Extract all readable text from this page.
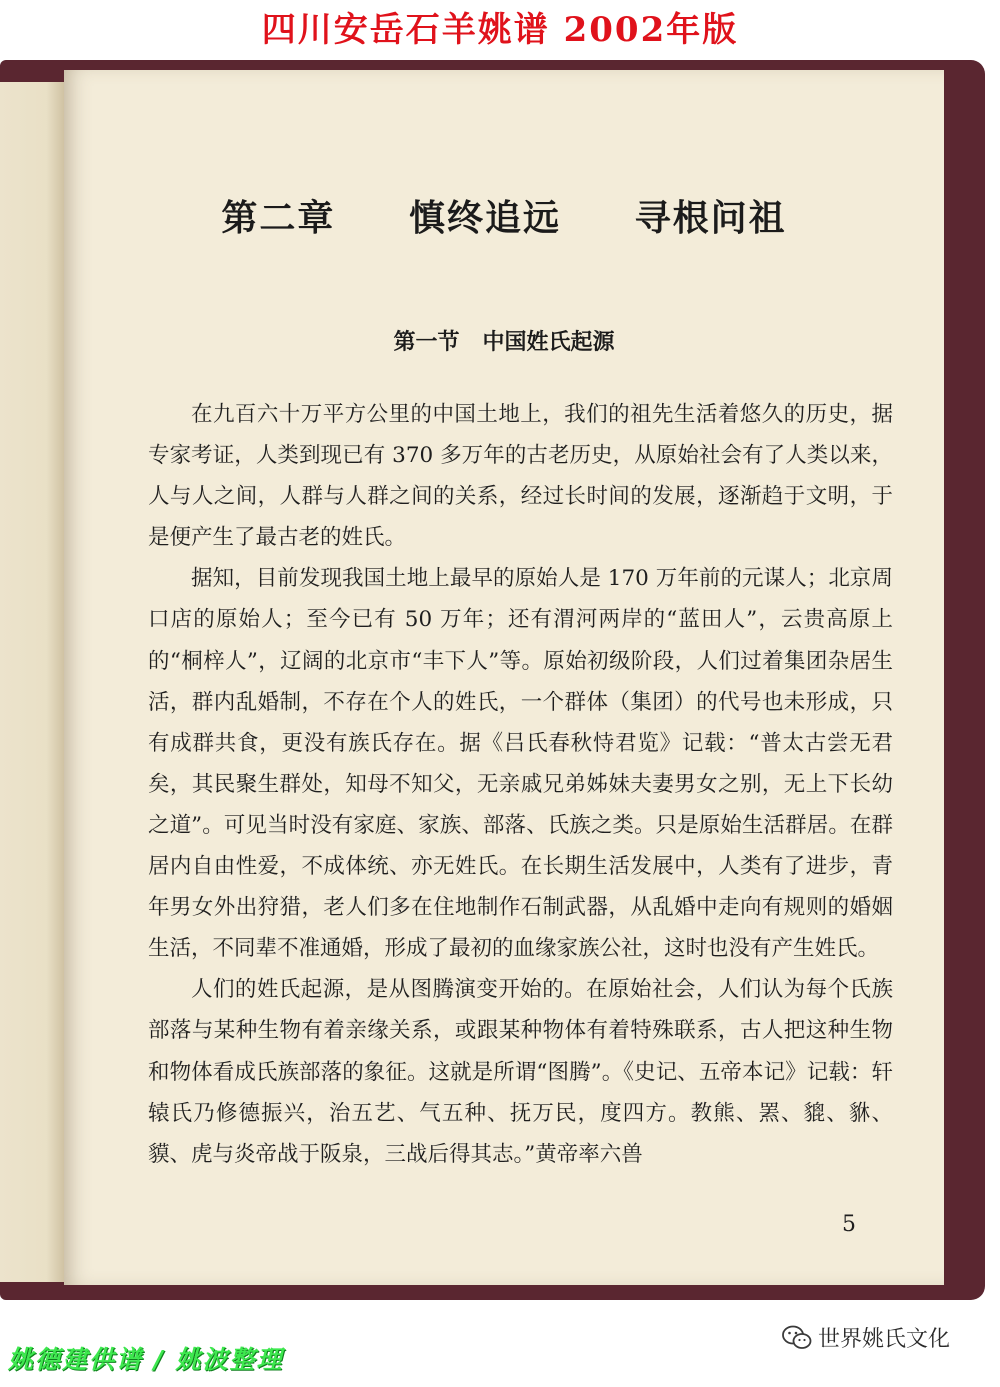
四川安岳石羊姚谱 2002年版
第二章   慎终追远   寻根问祖
第一节   中国姓氏起源

在九百六十万平方公里的中国土地上，我们的祖先生活着悠久的历史，据专家考证，人类到现已有 370 多万年的古老历史，从原始社会有了人类以来，人与人之间，人群与人群之间的关系，经过长时间的发展，逐渐趋于文明，于是便产生了最古老的姓氏。

据知，目前发现我国土地上最早的原始人是 170 万年前的元谋人；北京周口店的原始人；至今已有 50 万年；还有渭河两岸的“蓝田人”，云贵高原上的“桐梓人”，辽阔的北京市“丰下人”等。原始初级阶段，人们过着集团杂居生活，群内乱婚制，不存在个人的姓氏，一个群体（集团）的代号也未形成，只有成群共食，更没有族氏存在。据《吕氏春秋恃君览》记载：“普太古尝无君矣，其民聚生群处，知母不知父，无亲戚兄弟姊妹夫妻男女之别，无上下长幼之道”。可见当时没有家庭、家族、部落、氏族之类。只是原始生活群居。在群居内自由性爱，不成体统、亦无姓氏。在长期生活发展中，人类有了进步，青年男女外出狩猎，老人们多在住地制作石制武器，从乱婚中走向有规则的婚姻生活，不同辈不准通婚，形成了最初的血缘家族公社，这时也没有产生姓氏。

人们的姓氏起源，是从图腾演变开始的。在原始社会，人们认为每个氏族部落与某种生物有着亲缘关系，或跟某种物体有着特殊联系，古人把这种生物和物体看成氏族部落的象征。这就是所谓“图腾”。《史记、五帝本记》记载：轩辕氏乃修德振兴，治五艺、气五种、抚万民，度四方。教熊、罴、貔、貅、貘、虎与炎帝战于阪泉，三战后得其志。”黄帝率六兽

5
姚德建供谱 / 姚波整理
世界姚氏文化
